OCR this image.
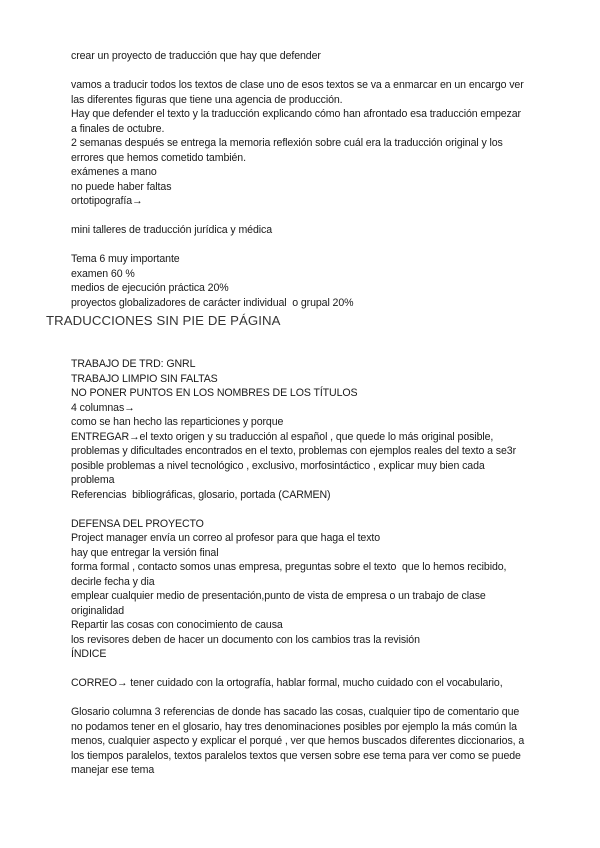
crear un proyecto de traducción que hay que defender
vamos a traducir todos los textos de clase uno de esos textos se va a enmarcar en un encargo ver
las diferentes figuras que tiene una agencia de producción.
Hay que defender el texto y la traducción explicando cómo han afrontado esa traducción empezar
a finales de octubre.
2 semanas después se entrega la memoria reflexión sobre cuál era la traducción original y los
errores que hemos cometido también.
exámenes a mano
no puede haber faltas
ortotipografía→
mini talleres de traducción jurídica y médica
Tema 6 muy importante
examen 60 %
medios de ejecución práctica 20%
proyectos globalizadores de carácter individual  o grupal 20%
TRADUCCIONES SIN PIE DE PÁGINA
TRABAJO DE TRD: GNRL
TRABAJO LIMPIO SIN FALTAS
NO PONER PUNTOS EN LOS NOMBRES DE LOS TÍTULOS
4 columnas→
como se han hecho las reparticiones y porque
ENTREGAR→el texto origen y su traducción al español , que quede lo más original posible,
problemas y dificultades encontrados en el texto, problemas con ejemplos reales del texto a se3r
posible problemas a nivel tecnológico , exclusivo, morfosintáctico , explicar muy bien cada
problema
Referencias  bibliográficas, glosario, portada (CARMEN)
DEFENSA DEL PROYECTO
Project manager envía un correo al profesor para que haga el texto
hay que entregar la versión final
forma formal , contacto somos unas empresa, preguntas sobre el texto  que lo hemos recibido,
decirle fecha y dia
emplear cualquier medio de presentación,punto de vista de empresa o un trabajo de clase
originalidad
Repartir las cosas con conocimiento de causa
los revisores deben de hacer un documento con los cambios tras la revisión
ÍNDICE
CORREO→ tener cuidado con la ortografía, hablar formal, mucho cuidado con el vocabulario,
Glosario columna 3 referencias de donde has sacado las cosas, cualquier tipo de comentario que
no podamos tener en el glosario, hay tres denominaciones posibles por ejemplo la más común la
menos, cualquier aspecto y explicar el porqué , ver que hemos buscados diferentes diccionarios, a
los tiempos paralelos, textos paralelos textos que versen sobre ese tema para ver como se puede
manejar ese tema
